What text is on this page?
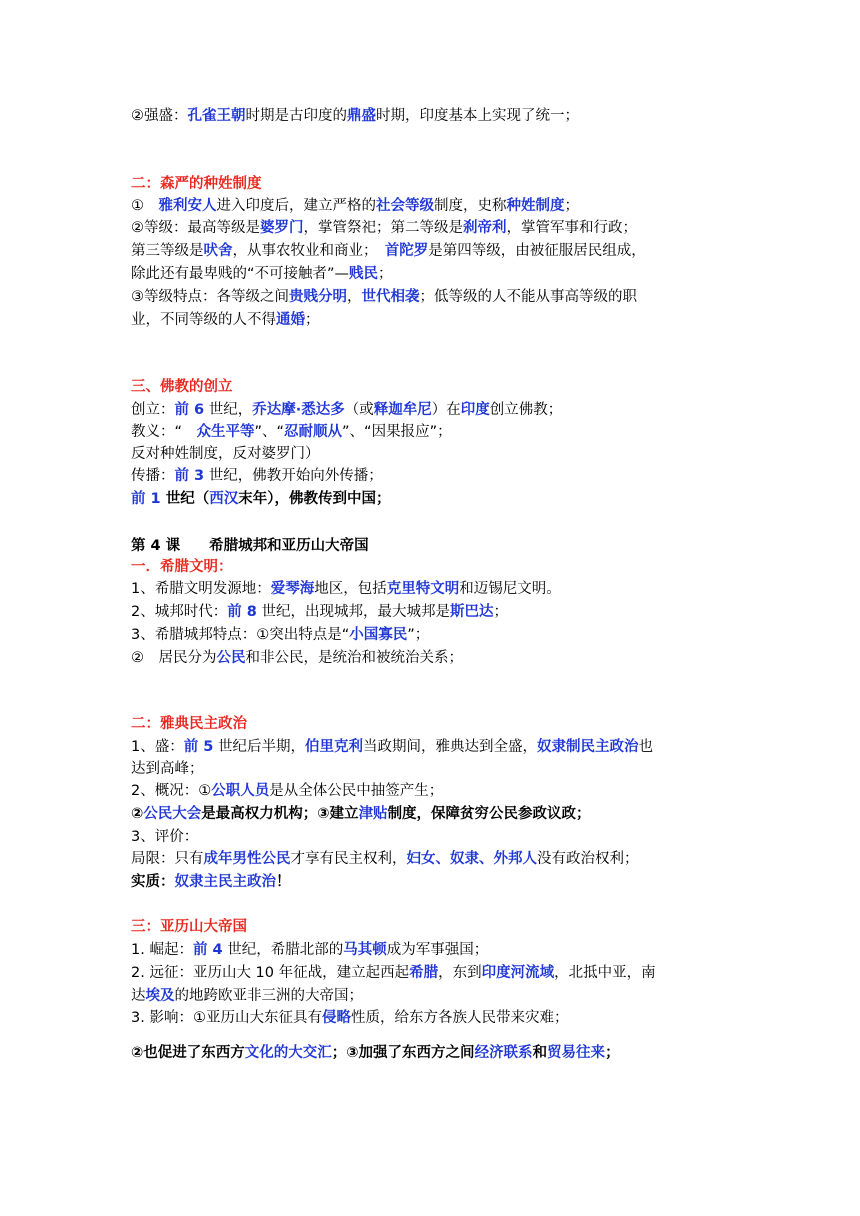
②强盛：孔雀王朝时期是古印度的鼎盛时期，印度基本上实现了统一；
二：森严的种姓制度
①　雅利安人进入印度后，建立严格的社会等级制度，史称种姓制度；
②等级：最高等级是婆罗门，掌管祭祀；第二等级是刹帝利，掌管军事和行政；
第三等级是吠舍，从事农牧业和商业；　首陀罗是第四等级，由被征服居民组成，
除此还有最卑贱的“不可接触者”—贱民；
③等级特点：各等级之间贵贱分明，世代相袭；低等级的人不能从事高等级的职
业，不同等级的人不得通婚；
三、佛教的创立
创立：前 6 世纪，乔达摩·悉达多（或释迦牟尼）在印度创立佛教；
教义：“　众生平等”、“忍耐顺从”、“因果报应”；
反对种姓制度，反对婆罗门）
传播：前 3 世纪，佛教开始向外传播；
前 1 世纪（西汉末年），佛教传到中国；
第 4 课　　希腊城邦和亚历山大帝国
一．希腊文明：
1、希腊文明发源地：爱琴海地区，包括克里特文明和迈锡尼文明。
2、城邦时代：前 8 世纪，出现城邦，最大城邦是斯巴达；
3、希腊城邦特点：①突出特点是“小国寡民”；
②　居民分为公民和非公民，是统治和被统治关系；
二：雅典民主政治
1、盛：前 5 世纪后半期，伯里克利当政期间，雅典达到全盛，奴隶制民主政治也
达到高峰；
2、概况：①公职人员是从全体公民中抽签产生；
②公民大会是最高权力机构；③建立津贴制度，保障贫穷公民参政议政；
3、评价：
局限：只有成年男性公民才享有民主权利，妇女、奴隶、外邦人没有政治权利；
实质：奴隶主民主政治！
三：亚历山大帝国
1. 崛起：前 4 世纪，希腊北部的马其顿成为军事强国；
2. 远征：亚历山大 10 年征战，建立起西起希腊，东到印度河流域，北抵中亚，南
达埃及的地跨欧亚非三洲的大帝国；
3. 影响：①亚历山大东征具有侵略性质，给东方各族人民带来灾难；
②也促进了东西方文化的大交汇；③加强了东西方之间经济联系和贸易往来；
